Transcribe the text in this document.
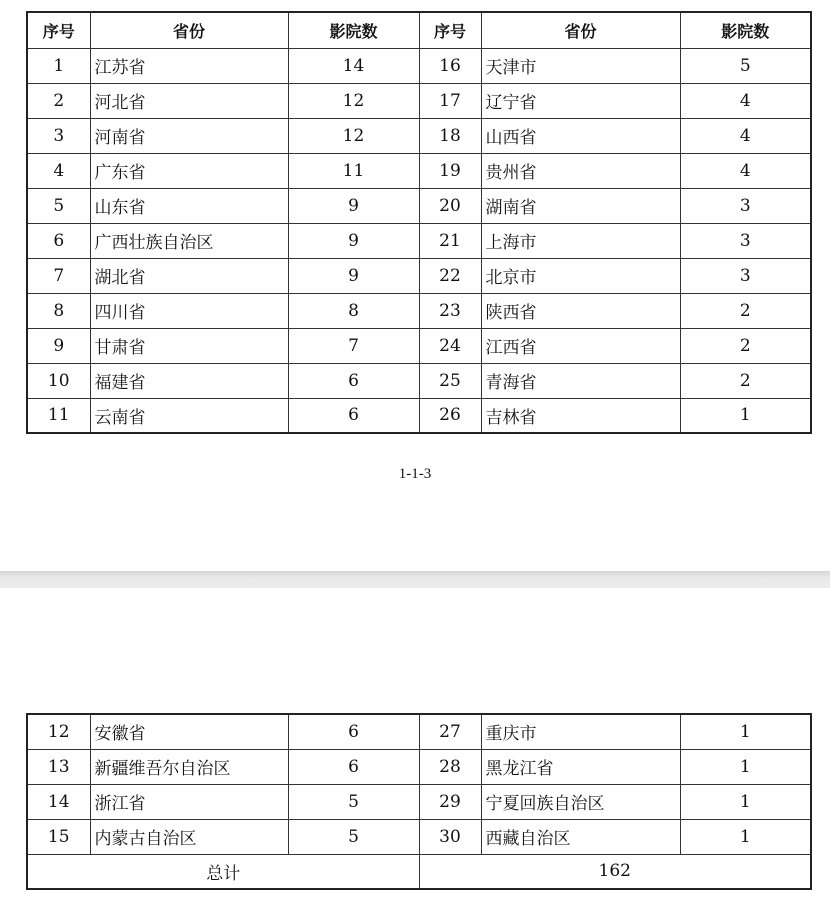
序号	省份	影院数	序号	省份	影院数
1	江苏省	14	16	天津市	5
2	河北省	12	17	辽宁省	4
3	河南省	12	18	山西省	4
4	广东省	11	19	贵州省	4
5	山东省	9	20	湖南省	3
6	广西壮族自治区	9	21	上海市	3
7	湖北省	9	22	北京市	3
8	四川省	8	23	陕西省	2
9	甘肃省	7	24	江西省	2
10	福建省	6	25	青海省	2
11	云南省	6	26	吉林省	1
1-1-3
12	安徽省	6	27	重庆市	1
13	新疆维吾尔自治区	6	28	黑龙江省	1
14	浙江省	5	29	宁夏回族自治区	1
15	内蒙古自治区	5	30	西藏自治区	1
总计			162		
